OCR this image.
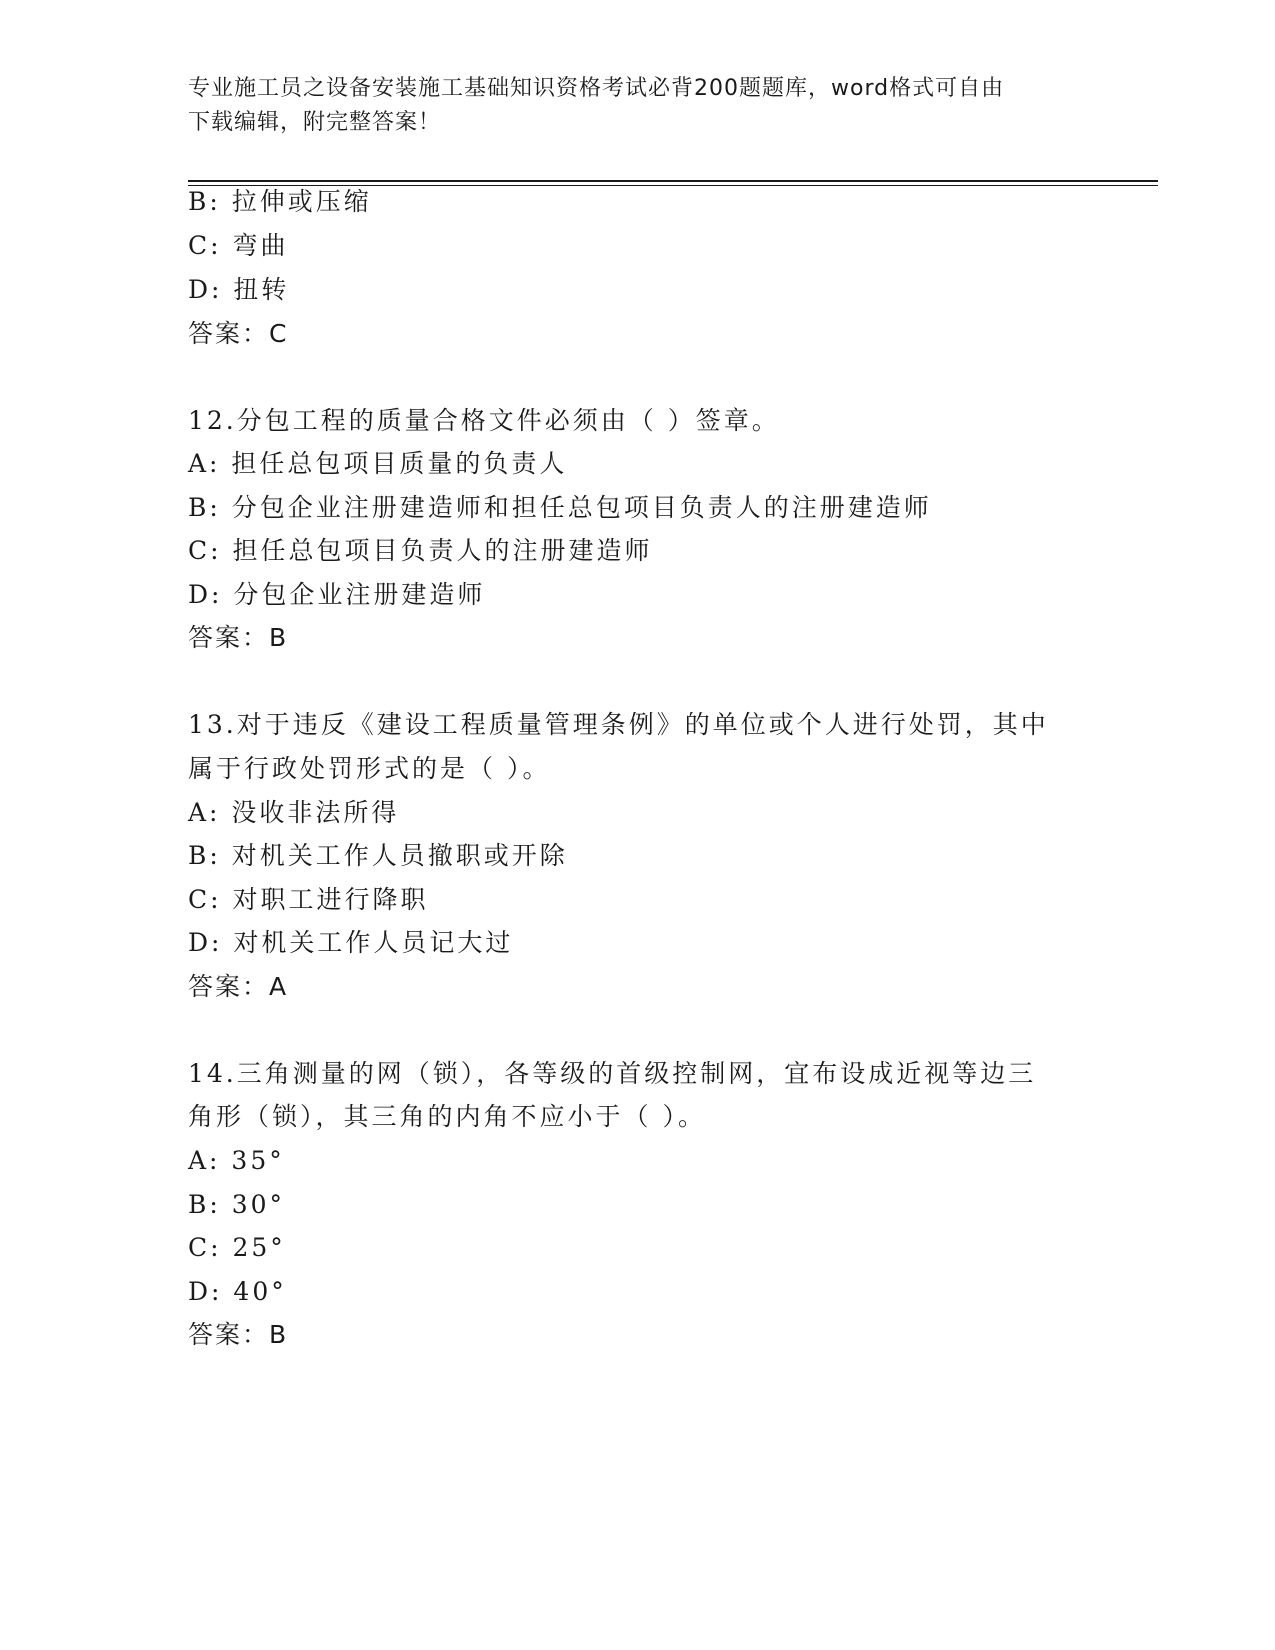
专业施工员之设备安装施工基础知识资格考试必背200题题库，word格式可自由
下载编辑，附完整答案！
B: 拉伸或压缩
C: 弯曲
D: 扭转
答案：C
12.分包工程的质量合格文件必须由（ ）签章。
A: 担任总包项目质量的负责人
B: 分包企业注册建造师和担任总包项目负责人的注册建造师
C: 担任总包项目负责人的注册建造师
D: 分包企业注册建造师
答案：B
13.对于违反《建设工程质量管理条例》的单位或个人进行处罚，其中
属于行政处罚形式的是（ ）。
A: 没收非法所得
B: 对机关工作人员撤职或开除
C: 对职工进行降职
D: 对机关工作人员记大过
答案：A
14.三角测量的网（锁），各等级的首级控制网，宜布设成近视等边三
角形（锁），其三角的内角不应小于（ ）。
A: 35°
B: 30°
C: 25°
D: 40°
答案：B
